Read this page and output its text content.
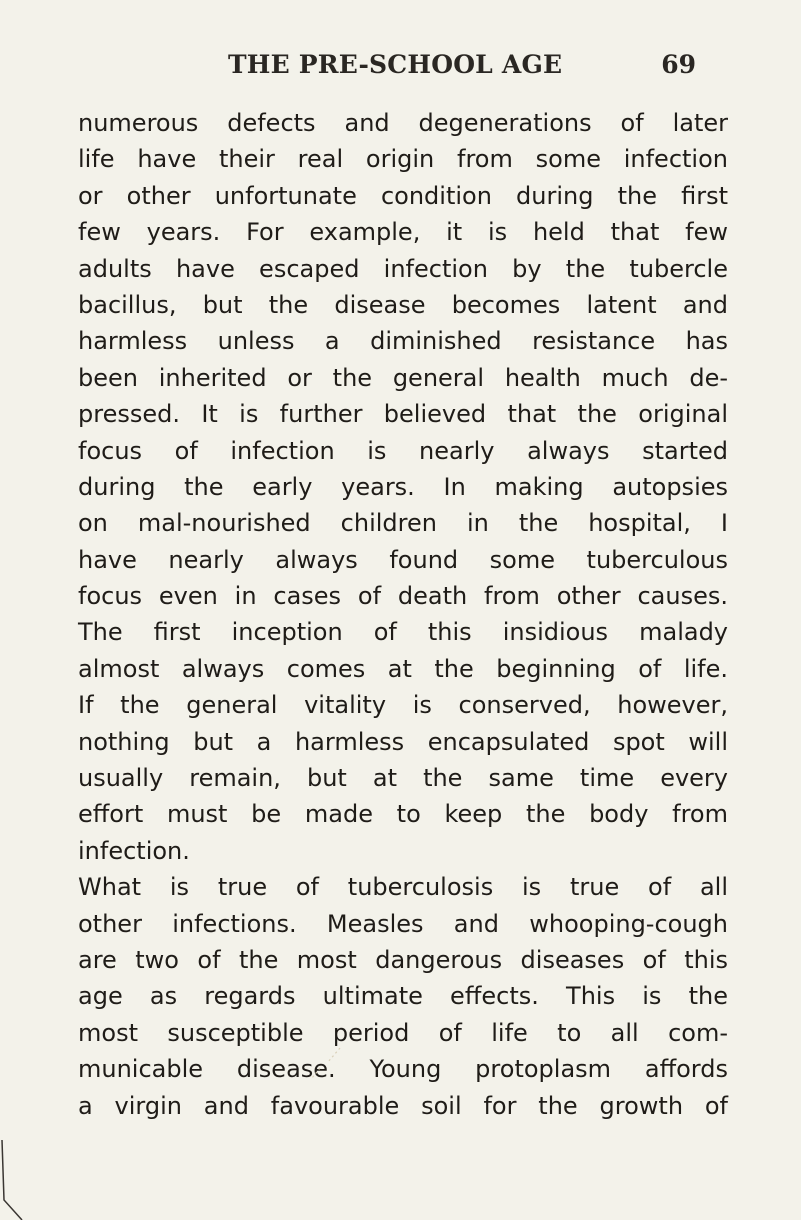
THE PRE-SCHOOL AGE	69
numerous defects and degenerations of later
life have their real origin from some infection
or other unfortunate condition during the first
few years. For example, it is held that few
adults have escaped infection by the tubercle
bacillus, but the disease becomes latent and
harmless unless a diminished resistance has
been inherited or the general health much de-
pressed. It is further believed that the original
focus of infection is nearly always started
during the early years. In making autopsies
on mal-nourished children in the hospital, I
have nearly always found some tuberculous
focus even in cases of death from other causes.
The first inception of this insidious malady
almost always comes at the beginning of life.
If the general vitality is conserved, however,
nothing but a harmless encapsulated spot will
usually remain, but at the same time every
effort must be made to keep the body from
infection.
What is true of tuberculosis is true of all
other infections. Measles and whooping-cough
are two of the most dangerous diseases of this
age as regards ultimate effects. This is the
most susceptible period of life to all com-
municable disease. Young protoplasm affords
a virgin and favourable soil for the growth of
